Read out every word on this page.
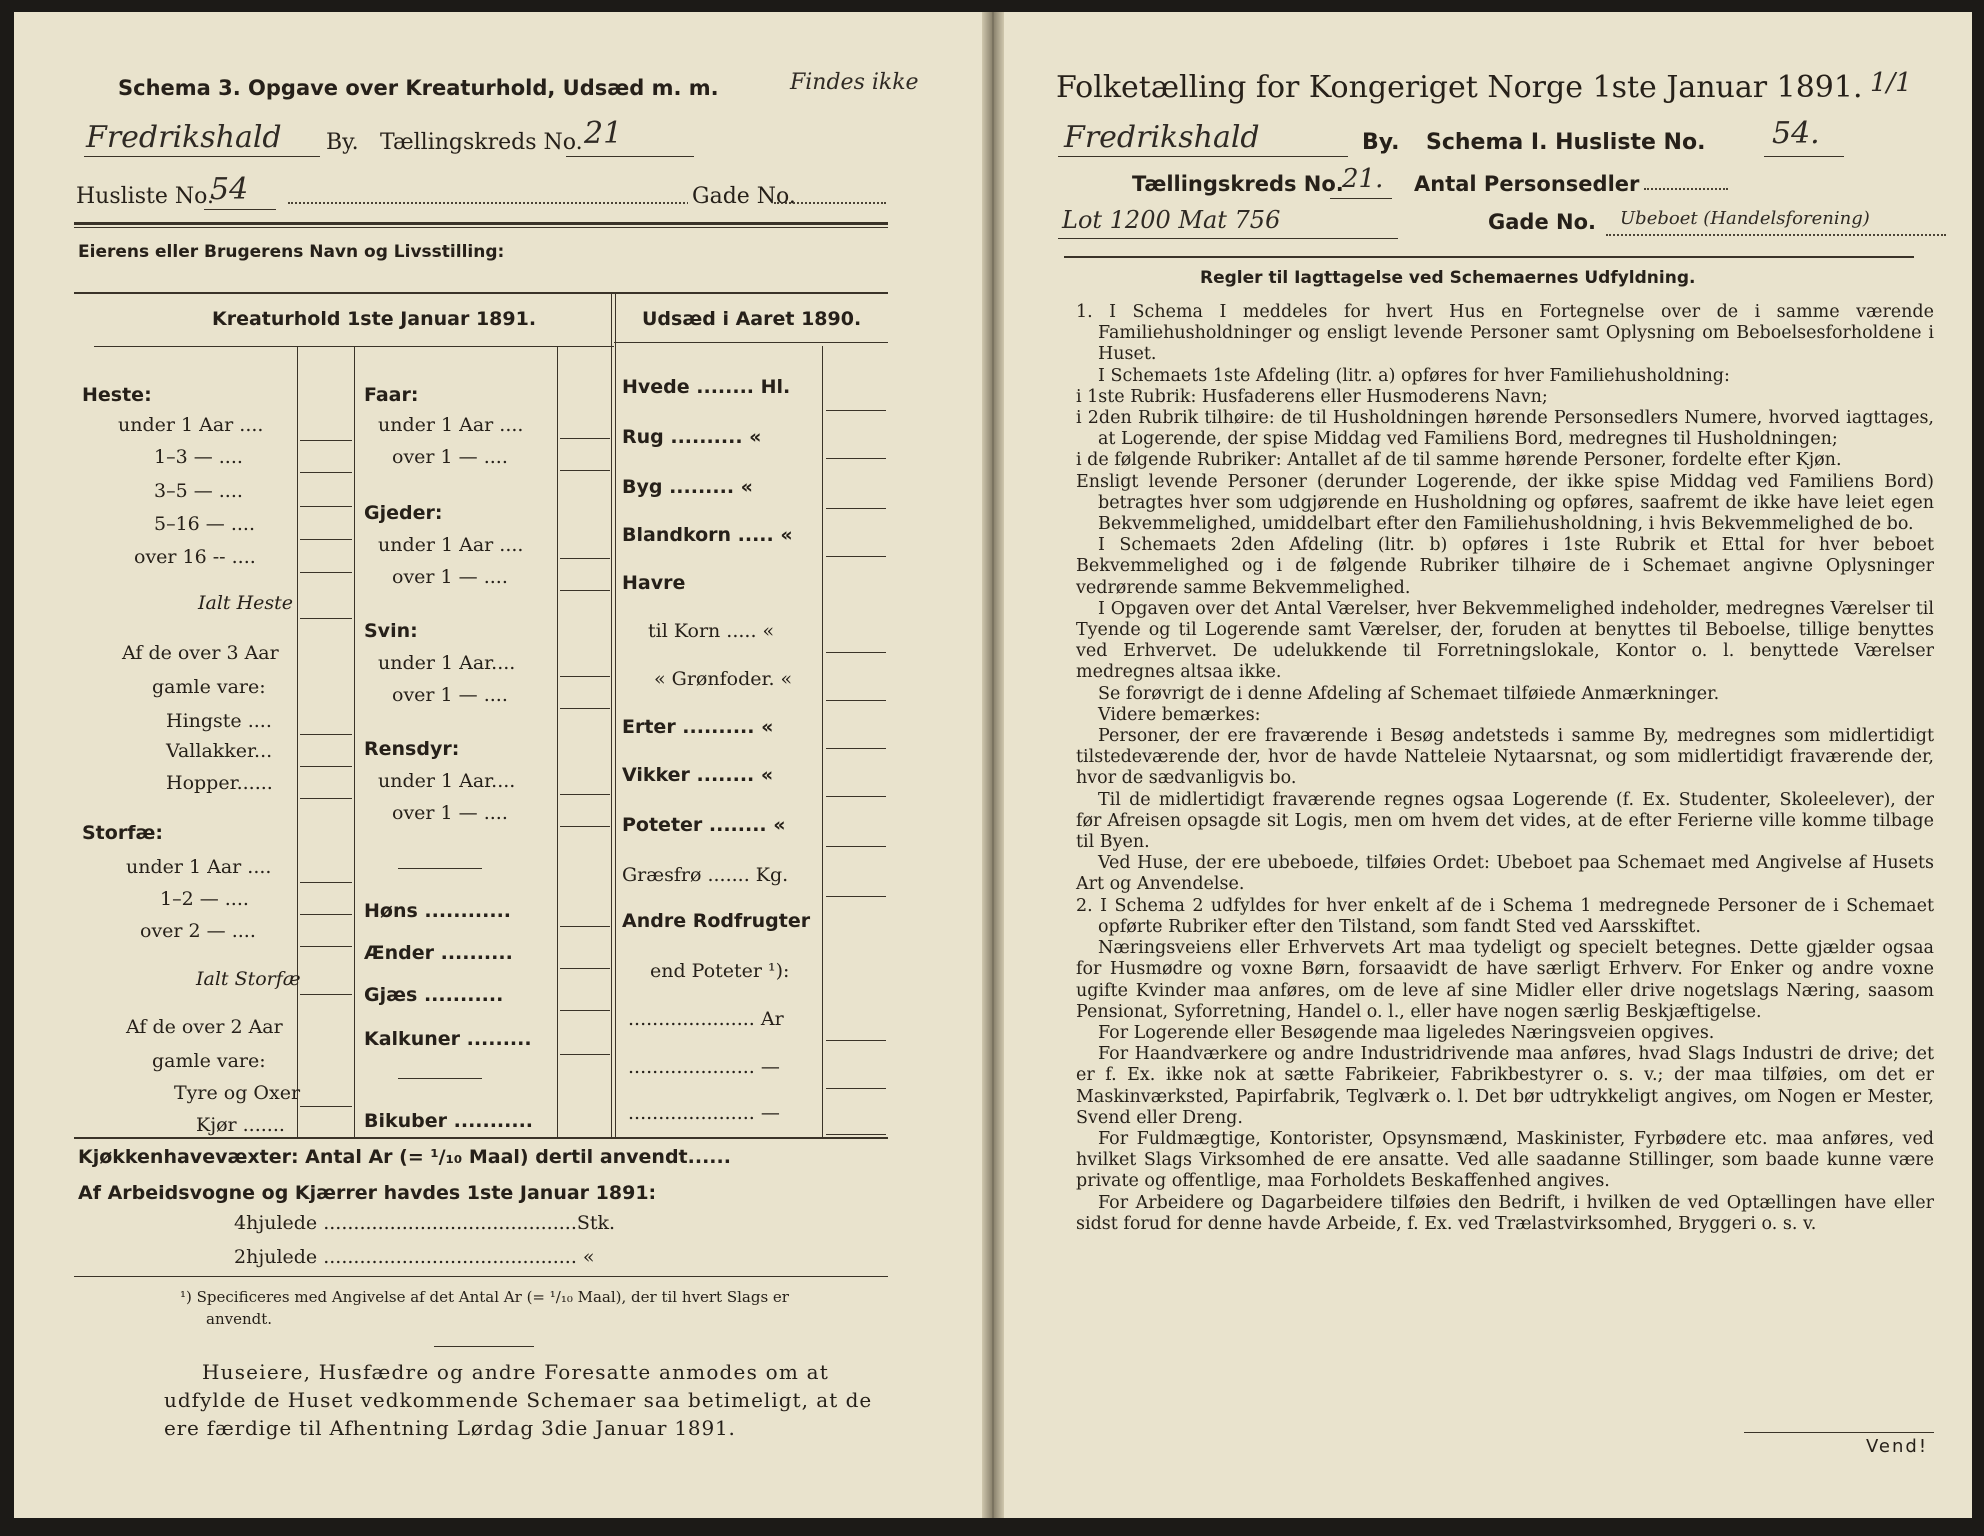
Schema 3. Opgave over Kreaturhold, Udsæd m. m.	Findes ikke
Fredrikshald By. Tællingskreds No. 21
Husliste No.
54	Gade No.
Eierens eller Brugerens Navn og Livsstilling:
Kreaturhold 1ste Januar 1891.	Udsæd i Aaret 1890.
Heste:
under 1 Aar ....
1–3 — ....
3–5 — ....
5–16 — ....
over 16 -- ....
Ialt Heste
Af de over 3 Aar
gamle vare:
Hingste ....
Vallakker...
Hopper......
Storfæ:
under 1 Aar ....
1–2 — ....
over 2 — ....
Ialt Storfæ
Af de over 2 Aar
gamle vare:
Tyre og Oxer
Kjør .......
Faar:
under 1 Aar ....
over 1 — ....
Gjeder:
under 1 Aar ....
over 1 — ....
Svin:
under 1 Aar....
over 1 — ....
Rensdyr:
under 1 Aar....
over 1 — ....
Høns ............
Ænder ..........
Gjæs ...........
Kalkuner .........
Bikuber ...........
Hvede ........ Hl.
Rug .......... «
Byg ......... «
Blandkorn ..... «
Havre
til Korn ..... «
« Grønfoder. «
Erter .......... «
Vikker ........ «
Poteter ........ «
Græsfrø ....... Kg.
Andre Rodfrugter
end Poteter ¹):
..................... Ar
..................... —
..................... —
Kjøkkenhavevæxter: Antal Ar (= ¹/₁₀ Maal) dertil anvendt......
Af Arbeidsvogne og Kjærrer havdes 1ste Januar 1891:
4hjulede ..........................................Stk.
2hjulede .......................................... «
¹) Specificeres med Angivelse af det Antal Ar (= ¹/₁₀ Maal), der til hvert Slags er
anvendt.
Huseiere, Husfædre og andre Foresatte anmodes om at
udfylde de Huset vedkommende Schemaer saa betimeligt, at de
ere færdige til Afhentning Lørdag 3die Januar 1891.
Folketælling for Kongeriget Norge 1ste Januar 1891. 1/1
Fredrikshald	By. Schema I. Husliste No. 54.
Tællingskreds No.
21. Antal Personsedler
Lot 1200 Mat 756	Gade No. Ubeboet (Handelsforening)
Regler til Iagttagelse ved Schemaernes Udfyldning.

1. I Schema I meddeles for hvert Hus en Fortegnelse over de i samme værende Familiehusholdninger og ensligt levende Personer samt Oplysning om Beboelsesforholdene i Huset.

I Schemaets 1ste Afdeling (litr. a) opføres for hver Familiehusholdning:

i 1ste Rubrik: Husfaderens eller Husmoderens Navn;

i 2den Rubrik tilhøire: de til Husholdningen hørende Personsedlers Numere, hvorved iagttages, at Logerende, der spise Middag ved Familiens Bord, medregnes til Husholdningen;

i de følgende Rubriker: Antallet af de til samme hørende Personer, fordelte efter Kjøn.

Ensligt levende Personer (derunder Logerende, der ikke spise Middag ved Familiens Bord) betragtes hver som udgjørende en Husholdning og opføres, saafremt de ikke have leiet egen Bekvemmelighed, umiddelbart efter den Familiehusholdning, i hvis Bekvemmelighed de bo.

I Schemaets 2den Afdeling (litr. b) opføres i 1ste Rubrik et Ettal for hver beboet Bekvemmelighed og i de følgende Rubriker tilhøire de i Schemaet angivne Oplysninger vedrørende samme Bekvemmelighed.

I Opgaven over det Antal Værelser, hver Bekvemmelighed indeholder, medregnes Værelser til Tyende og til Logerende samt Værelser, der, foruden at benyttes til Beboelse, tillige benyttes ved Erhvervet. De udelukkende til Forretningslokale, Kontor o. l. benyttede Værelser medregnes altsaa ikke.

Se forøvrigt de i denne Afdeling af Schemaet tilføiede Anmærkninger.

Videre bemærkes:

Personer, der ere fraværende i Besøg andetsteds i samme By, medregnes som midlertidigt tilstedeværende der, hvor de havde Natteleie Nytaarsnat, og som midlertidigt fraværende der, hvor de sædvanligvis bo.

Til de midlertidigt fraværende regnes ogsaa Logerende (f. Ex. Studenter, Skoleelever), der før Afreisen opsagde sit Logis, men om hvem det vides, at de efter Ferierne ville komme tilbage til Byen.

Ved Huse, der ere ubeboede, tilføies Ordet: Ubeboet paa Schemaet med Angivelse af Husets Art og Anvendelse.

2. I Schema 2 udfyldes for hver enkelt af de i Schema 1 medregnede Personer de i Schemaet opførte Rubriker efter den Tilstand, som fandt Sted ved Aarsskiftet.

Næringsveiens eller Erhvervets Art maa tydeligt og specielt betegnes. Dette gjælder ogsaa for Husmødre og voxne Børn, forsaavidt de have særligt Erhverv. For Enker og andre voxne ugifte Kvinder maa anføres, om de leve af sine Midler eller drive nogetslags Næring, saasom Pensionat, Syforretning, Handel o. l., eller have nogen særlig Beskjæftigelse.

For Logerende eller Besøgende maa ligeledes Næringsveien opgives.

For Haandværkere og andre Industridrivende maa anføres, hvad Slags Industri de drive; det er f. Ex. ikke nok at sætte Fabrikeier, Fabrikbestyrer o. s. v.; der maa tilføies, om det er Maskinværksted, Papirfabrik, Teglværk o. l. Det bør udtrykkeligt angives, om Nogen er Mester, Svend eller Dreng.

For Fuldmægtige, Kontorister, Opsynsmænd, Maskinister, Fyrbødere etc. maa anføres, ved hvilket Slags Virksomhed de ere ansatte. Ved alle saadanne Stillinger, som baade kunne være private og offentlige, maa Forholdets Beskaffenhed angives.

For Arbeidere og Dagarbeidere tilføies den Bedrift, i hvilken de ved Optællingen have eller sidst forud for denne havde Arbeide, f. Ex. ved Trælastvirksomhed, Bryggeri o. s. v.

Vend!
